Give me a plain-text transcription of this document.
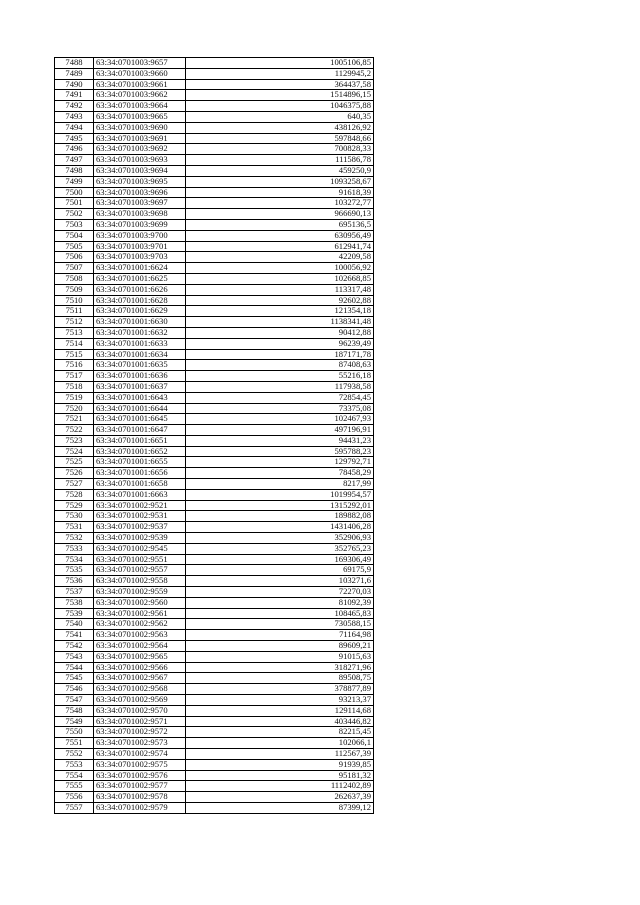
7488	63:34:0701003:9657	1005106,85
7489	63:34:0701003:9660	1129945,2
7490	63:34:0701003:9661	364437,58
7491	63:34:0701003:9662	1514896,15
7492	63:34:0701003:9664	1046375,88
7493	63:34:0701003:9665	640,35
7494	63:34:0701003:9690	438126,92
7495	63:34:0701003:9691	597848,66
7496	63:34:0701003:9692	700828,33
7497	63:34:0701003:9693	111586,78
7498	63:34:0701003:9694	459250,9
7499	63:34:0701003:9695	1093258,67
7500	63:34:0701003:9696	91618,39
7501	63:34:0701003:9697	103272,77
7502	63:34:0701003:9698	966690,13
7503	63:34:0701003:9699	695136,5
7504	63:34:0701003:9700	630956,49
7505	63:34:0701003:9701	612941,74
7506	63:34:0701003:9703	42209,58
7507	63:34:0701001:6624	100056,92
7508	63:34:0701001:6625	102668,85
7509	63:34:0701001:6626	113317,48
7510	63:34:0701001:6628	92602,88
7511	63:34:0701001:6629	121354,18
7512	63:34:0701001:6630	1138341,48
7513	63:34:0701001:6632	90412,88
7514	63:34:0701001:6633	96239,49
7515	63:34:0701001:6634	187171,78
7516	63:34:0701001:6635	87408,63
7517	63:34:0701001:6636	55216,18
7518	63:34:0701001:6637	117938,58
7519	63:34:0701001:6643	72854,45
7520	63:34:0701001:6644	73375,08
7521	63:34:0701001:6645	102467,93
7522	63:34:0701001:6647	497196,91
7523	63:34:0701001:6651	94431,23
7524	63:34:0701001:6652	595788,23
7525	63:34:0701001:6655	129792,71
7526	63:34:0701001:6656	78458,29
7527	63:34:0701001:6658	8217,99
7528	63:34:0701001:6663	1019954,57
7529	63:34:0701002:9521	1315292,01
7530	63:34:0701002:9531	189882,08
7531	63:34:0701002:9537	1431406,28
7532	63:34:0701002:9539	352906,93
7533	63:34:0701002:9545	352765,23
7534	63:34:0701002:9551	169306,49
7535	63:34:0701002:9557	69175,9
7536	63:34:0701002:9558	103271,6
7537	63:34:0701002:9559	72270,03
7538	63:34:0701002:9560	81092,39
7539	63:34:0701002:9561	108465,83
7540	63:34:0701002:9562	730588,15
7541	63:34:0701002:9563	71164,98
7542	63:34:0701002:9564	89609,21
7543	63:34:0701002:9565	91015,63
7544	63:34:0701002:9566	318271,96
7545	63:34:0701002:9567	89508,75
7546	63:34:0701002:9568	378877,89
7547	63:34:0701002:9569	93213,37
7548	63:34:0701002:9570	129114,68
7549	63:34:0701002:9571	403446,82
7550	63:34:0701002:9572	82215,45
7551	63:34:0701002:9573	102066,1
7552	63:34:0701002:9574	112567,39
7553	63:34:0701002:9575	91939,85
7554	63:34:0701002:9576	95181,32
7555	63:34:0701002:9577	1112402,89
7556	63:34:0701002:9578	262637,39
7557	63:34:0701002:9579	87399,12
